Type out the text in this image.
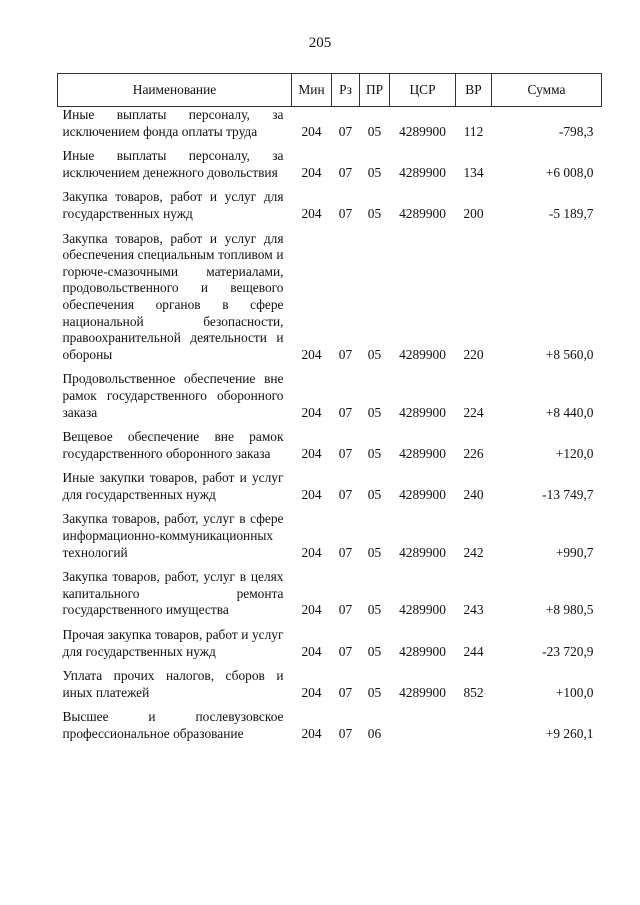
205
Наименование	Мин	Рз	ПР	ЦСР	ВР	Сумма
Иные выплаты персоналу, за исключением фонда оплаты труда	204	07	05	4289900	112	-798,3
Иные выплаты персоналу, за исключением денежного довольствия	204	07	05	4289900	134	+6 008,0
Закупка товаров, работ и услуг для государственных нужд	204	07	05	4289900	200	-5 189,7
Закупка товаров, работ и услуг для обеспечения специальным топливом и горюче-смазочными материалами, продовольственного и вещевого обеспечения органов в сфере национальной безопасности, правоохранительной деятельности и обороны	204	07	05	4289900	220	+8 560,0
Продовольственное обеспечение вне рамок государственного оборонного заказа	204	07	05	4289900	224	+8 440,0
Вещевое обеспечение вне рамок государственного оборонного заказа	204	07	05	4289900	226	+120,0
Иные закупки товаров, работ и услуг для государственных нужд	204	07	05	4289900	240	-13 749,7
Закупка товаров, работ, услуг в сфере информационно-коммуникационных технологий	204	07	05	4289900	242	+990,7
Закупка товаров, работ, услуг в целях капитального ремонта государственного имущества	204	07	05	4289900	243	+8 980,5
Прочая закупка товаров, работ и услуг для государственных нужд	204	07	05	4289900	244	-23 720,9
Уплата прочих налогов, сборов и иных платежей	204	07	05	4289900	852	+100,0
Высшее и послевузовское профессиональное образование	204	07	06			+9 260,1
